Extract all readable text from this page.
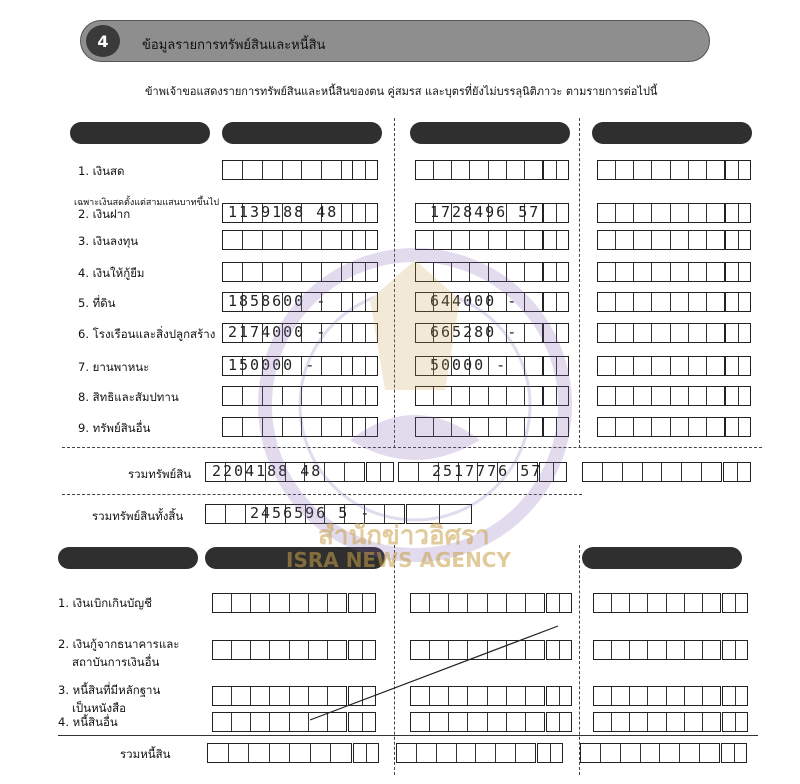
4	ข้อมูลรายการทรัพย์สินและหนี้สิน
ข้าพเจ้าขอแสดงรายการทรัพย์สินและหนี้สินของตน คู่สมรส และบุตรที่ยังไม่บรรลุนิติภาวะ ตามรายการต่อไปนี้
1. เงินสด
เฉพาะเงินสดตั้งแต่สามแสนบาทขึ้นไป
2. เงินฝาก	1139188 48	1728496 57
3. เงินลงทุน
4. เงินให้กู้ยืม
5. ที่ดิน	1858600 -	644000 -
6. โรงเรือนและสิ่งปลูกสร้าง 2174000 -	665280 -
7. ยานพาหนะ	150000 -	50000 -
8. สิทธิและสัมปทาน
9. ทรัพย์สินอื่น
รวมทรัพย์สิน 2204188 48	2517776 57
รวมทรัพย์สินทั้งสิ้น	2456596 5 -
1. เงินเบิกเกินบัญชี
2. เงินกู้จากธนาคารและ
สถาบันการเงินอื่น
3. หนี้สินที่มีหลักฐาน
เป็นหนังสือ
4. หนี้สินอื่น
รวมหนี้สิน
สำนักข่าวอิศรา
ISRA NEWS AGENCY
